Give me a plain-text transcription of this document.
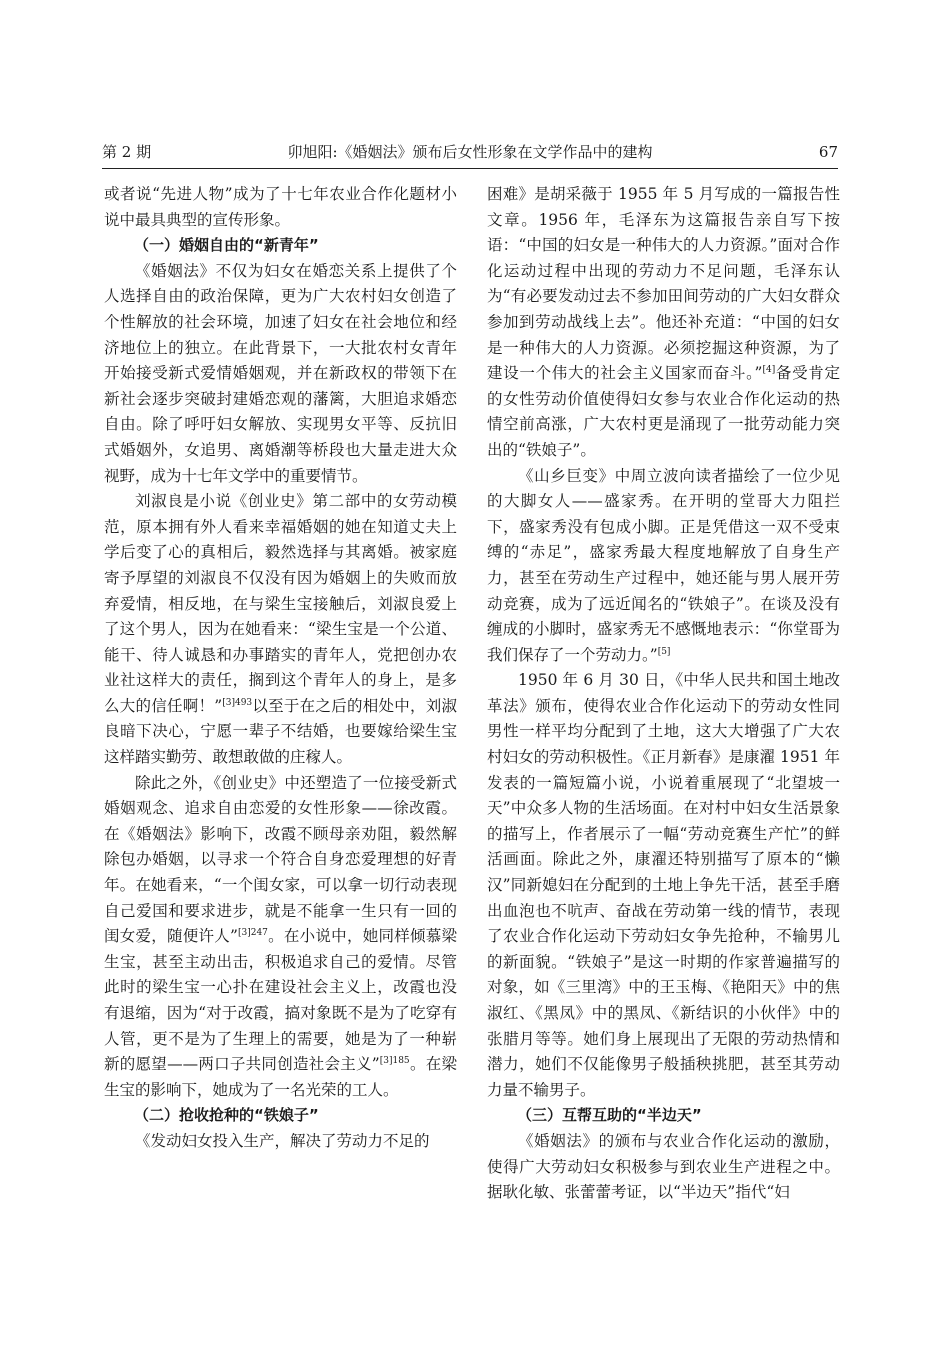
第 2 期	卯旭阳:《婚姻法》颁布后女性形象在文学作品中的建构	67

或者说“先进人物”成为了十七年农业合作化题材小说中最具典型的宣传形象。

（一）婚姻自由的“新青年”

《婚姻法》不仅为妇女在婚恋关系上提供了个人选择自由的政治保障，更为广大农村妇女创造了个性解放的社会环境，加速了妇女在社会地位和经济地位上的独立。在此背景下，一大批农村女青年开始接受新式爱情婚姻观，并在新政权的带领下在新社会逐步突破封建婚恋观的藩篱，大胆追求婚恋自由。除了呼吁妇女解放、实现男女平等、反抗旧式婚姻外，女追男、离婚潮等桥段也大量走进大众视野，成为十七年文学中的重要情节。

刘淑良是小说《创业史》第二部中的女劳动模范，原本拥有外人看来幸福婚姻的她在知道丈夫上学后变了心的真相后，毅然选择与其离婚。被家庭寄予厚望的刘淑良不仅没有因为婚姻上的失败而放弃爱情，相反地，在与梁生宝接触后，刘淑良爱上了这个男人，因为在她看来：“梁生宝是一个公道、能干、待人诚恳和办事踏实的青年人，党把创办农业社这样大的责任，搁到这个青年人的身上，是多么大的信任啊！”$^{[3]493}$以至于在之后的相处中，刘淑良暗下决心，宁愿一辈子不结婚，也要嫁给梁生宝这样踏实勤劳、敢想敢做的庄稼人。

除此之外，《创业史》中还塑造了一位接受新式婚姻观念、追求自由恋爱的女性形象——徐改霞。在《婚姻法》影响下，改霞不顾母亲劝阻，毅然解除包办婚姻，以寻求一个符合自身恋爱理想的好青年。在她看来，“一个闺女家，可以拿一切行动表现自己爱国和要求进步，就是不能拿一生只有一回的闺女爱，随便许人”$^{[3]247}$。在小说中，她同样倾慕梁生宝，甚至主动出击，积极追求自己的爱情。尽管此时的梁生宝一心扑在建设社会主义上，改霞也没有退缩，因为“对于改霞，搞对象既不是为了吃穿有人管，更不是为了生理上的需要，她是为了一种崭新的愿望——两口子共同创造社会主义”$^{[3]185}$。在梁生宝的影响下，她成为了一名光荣的工人。

（二）抢收抢种的“铁娘子”

《发动妇女投入生产，解决了劳动力不足的

困难》是胡采薇于 1955 年 5 月写成的一篇报告性文章。1956 年，毛泽东为这篇报告亲自写下按语：“中国的妇女是一种伟大的人力资源。”面对合作化运动过程中出现的劳动力不足问题，毛泽东认为“有必要发动过去不参加田间劳动的广大妇女群众参加到劳动战线上去”。他还补充道：“中国的妇女是一种伟大的人力资源。必须挖掘这种资源，为了建设一个伟大的社会主义国家而奋斗。”[4]备受肯定的女性劳动价值使得妇女参与农业合作化运动的热情空前高涨，广大农村更是涌现了一批劳动能力突出的“铁娘子”。

《山乡巨变》中周立波向读者描绘了一位少见的大脚女人——盛家秀。在开明的堂哥大力阻拦下，盛家秀没有包成小脚。正是凭借这一双不受束缚的“赤足”，盛家秀最大程度地解放了自身生产力，甚至在劳动生产过程中，她还能与男人展开劳动竞赛，成为了远近闻名的“铁娘子”。在谈及没有缠成的小脚时，盛家秀无不感慨地表示：“你堂哥为我们保存了一个劳动力。”[5]

1950 年 6 月 30 日，《中华人民共和国土地改革法》颁布，使得农业合作化运动下的劳动女性同男性一样平均分配到了土地，这大大增强了广大农村妇女的劳动积极性。《正月新春》是康濯 1951 年发表的一篇短篇小说，小说着重展现了“北望坡一天”中众多人物的生活场面。在对村中妇女生活景象的描写上，作者展示了一幅“劳动竞赛生产忙”的鲜活画面。除此之外，康濯还特别描写了原本的“懒汉”同新媳妇在分配到的土地上争先干活，甚至手磨出血泡也不吭声、奋战在劳动第一线的情节，表现了农业合作化运动下劳动妇女争先抢种，不输男儿的新面貌。“铁娘子”是这一时期的作家普遍描写的对象，如《三里湾》中的王玉梅、《艳阳天》中的焦淑红、《黑凤》中的黑凤、《新结识的小伙伴》中的张腊月等等。她们身上展现出了无限的劳动热情和潜力，她们不仅能像男子般插秧挑肥，甚至其劳动力量不输男子。

（三）互帮互助的“半边天”

《婚姻法》的颁布与农业合作化运动的激励，使得广大劳动妇女积极参与到农业生产进程之中。据耿化敏、张蕾蕾考证，以“半边天”指代“妇
